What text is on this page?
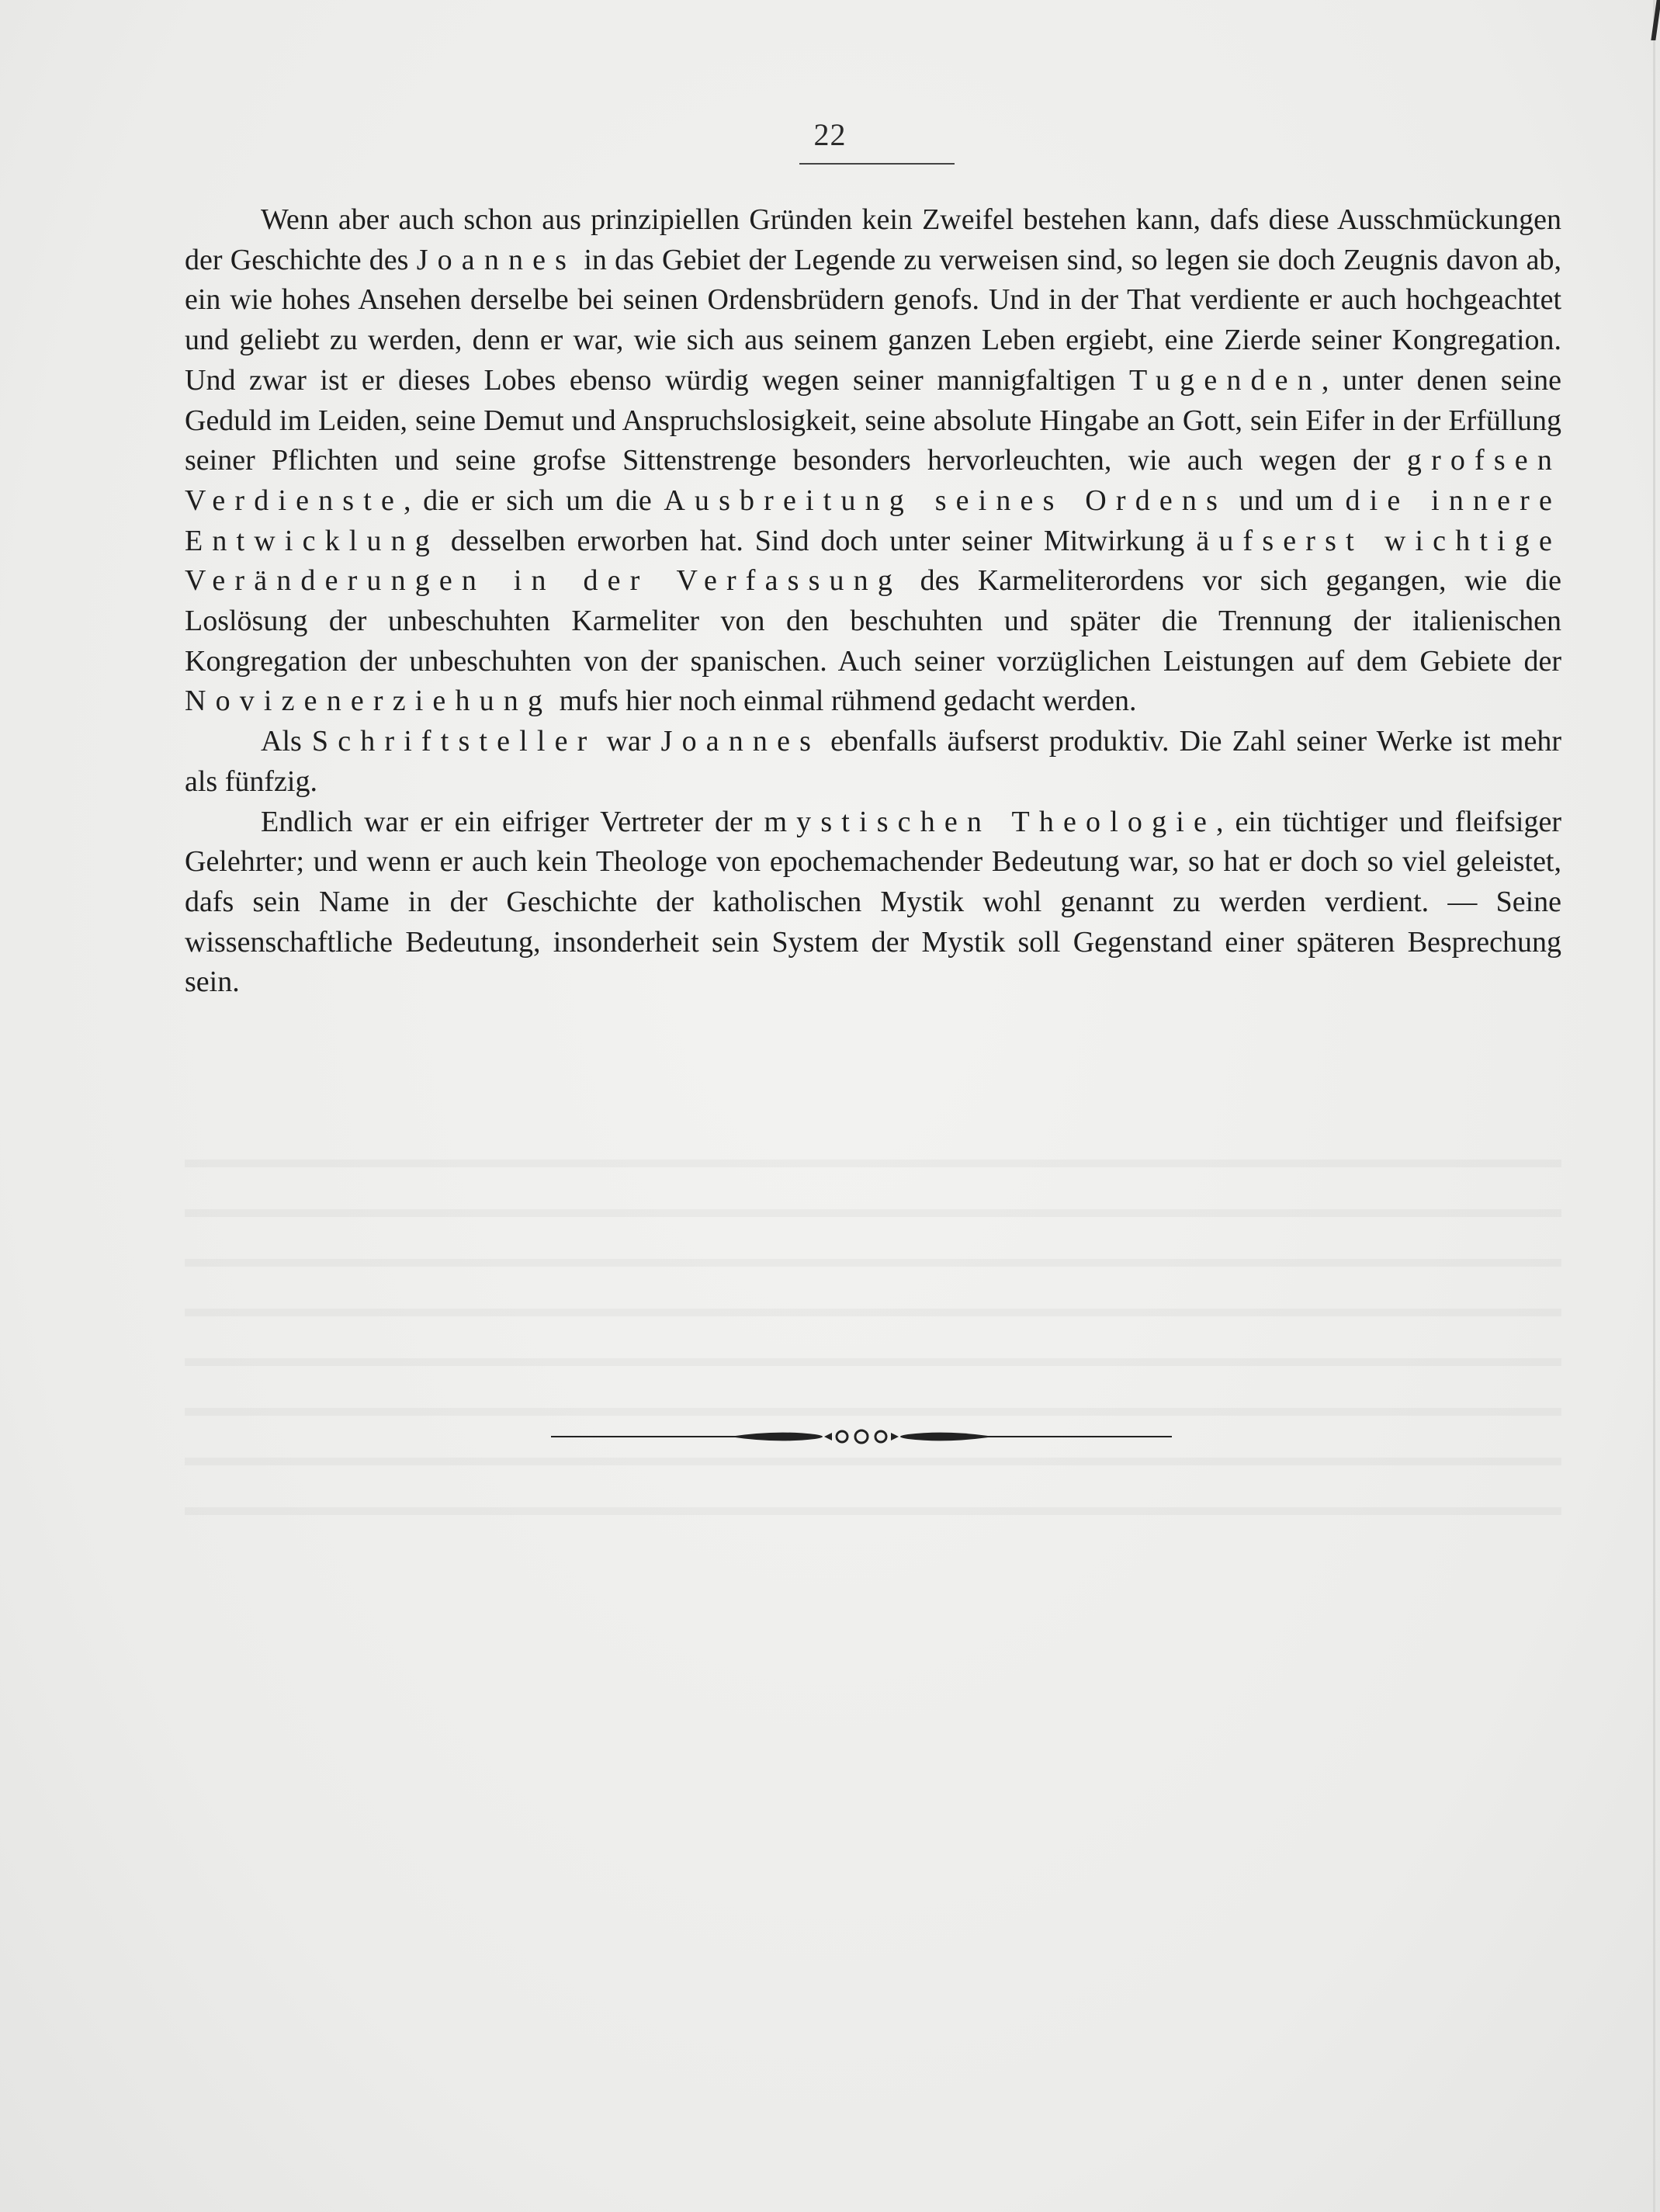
22

Wenn aber auch schon aus prinzipiellen Gründen kein Zweifel bestehen kann, dafs diese Ausschmückungen der Geschichte des Joannes in das Gebiet der Legende zu verweisen sind, so legen sie doch Zeugnis davon ab, ein wie hohes Ansehen derselbe bei seinen Ordensbrüdern genofs. Und in der That verdiente er auch hochgeachtet und geliebt zu werden, denn er war, wie sich aus seinem ganzen Leben ergiebt, eine Zierde seiner Kongregation. Und zwar ist er dieses Lobes ebenso würdig wegen seiner mannigfaltigen Tugenden, unter denen seine Geduld im Leiden, seine Demut und Anspruchslosigkeit, seine absolute Hingabe an Gott, sein Eifer in der Erfüllung seiner Pflichten und seine grofse Sittenstrenge besonders hervorleuchten, wie auch wegen der grofsen Verdienste, die er sich um die Ausbreitung seines Ordens und um die innere Entwicklung desselben erworben hat. Sind doch unter seiner Mitwirkung äufserst wichtige Veränderungen in der Verfassung des Karmeliterordens vor sich gegangen, wie die Loslösung der unbeschuhten Karmeliter von den beschuhten und später die Trennung der italienischen Kongregation der unbeschuhten von der spanischen. Auch seiner vorzüglichen Leistungen auf dem Gebiete der Novizenerziehung mufs hier noch einmal rühmend gedacht werden.

Als Schriftsteller war Joannes ebenfalls äufserst produktiv. Die Zahl seiner Werke ist mehr als fünfzig.

Endlich war er ein eifriger Vertreter der mystischen Theologie, ein tüchtiger und fleifsiger Gelehrter; und wenn er auch kein Theologe von epochemachender Bedeutung war, so hat er doch so viel geleistet, dafs sein Name in der Geschichte der katholischen Mystik wohl genannt zu werden verdient. — Seine wissenschaftliche Bedeutung, insonderheit sein System der Mystik soll Gegenstand einer späteren Besprechung sein.
